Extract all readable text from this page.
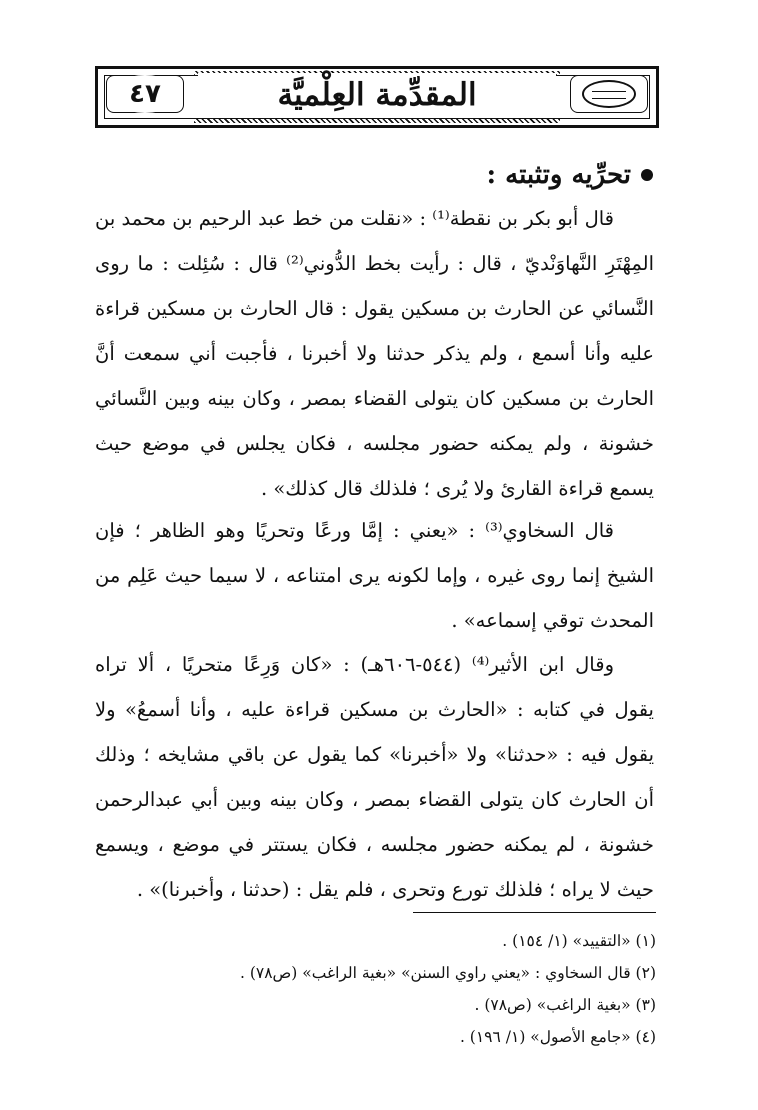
٤٧	المقدِّمة العِلْميَّة
تحرِّيه وتثبته :
قال أبو بكر بن نقطة⁽¹⁾ : «نقلت من خط عبد الرحيم بن محمد بن المِهْتَرِ النَّهاوَنْديّ ، قال : رأيت بخط الدُّوني⁽²⁾ قال : سُئِلت : ما روى النَّسائي عن الحارث بن مسكين يقول : قال الحارث بن مسكين قراءة عليه وأنا أسمع ، ولم يذكر حدثنا ولا أخبرنا ، فأجبت أني سمعت أنَّ الحارث بن مسكين كان يتولى القضاء بمصر ، وكان بينه وبين النَّسائي خشونة ، ولم يمكنه حضور مجلسه ، فكان يجلس في موضع حيث يسمع قراءة القارئ ولا يُرى ؛ فلذلك قال كذلك» .
قال السخاوي⁽³⁾ : «يعني : إمَّا ورعًا وتحريًا وهو الظاهر ؛ فإن الشيخ إنما روى غيره ، وإما لكونه يرى امتناعه ، لا سيما حيث عَلِم من المحدث توقي إسماعه» .
وقال ابن الأثير⁽⁴⁾ (٥٤٤-٦٠٦هـ) : «كان وَرِعًا متحريًا ، ألا تراه يقول في كتابه : «الحارث بن مسكين قراءة عليه ، وأنا أسمعُ» ولا يقول فيه : «حدثنا» ولا «أخبرنا» كما يقول عن باقي مشايخه ؛ وذلك أن الحارث كان يتولى القضاء بمصر ، وكان بينه وبين أبي عبدالرحمن خشونة ، لم يمكنه حضور مجلسه ، فكان يستتر في موضع ، ويسمع حيث لا يراه ؛ فلذلك تورع وتحرى ، فلم يقل : (حدثنا ، وأخبرنا)» .
(١) «التقييد» (١/ ١٥٤) .
(٢) قال السخاوي : «يعني راوي السنن» «بغية الراغب» (ص٧٨) .
(٣) «بغية الراغب» (ص٧٨) .
(٤) «جامع الأصول» (١/ ١٩٦) .
